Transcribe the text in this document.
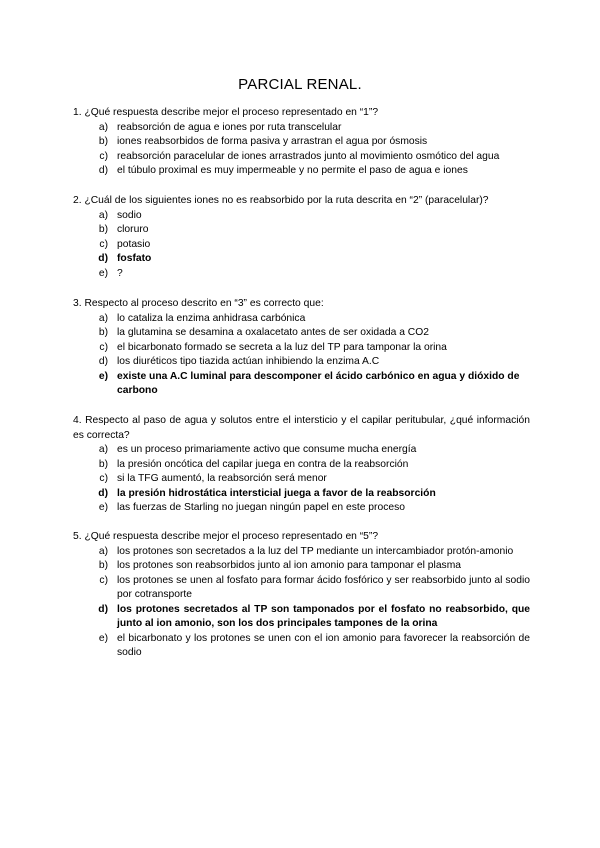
PARCIAL RENAL.

1. ¿Qué respuesta describe mejor el proceso representado en “1”?

a) reabsorción de agua e iones por ruta transcelular
b) iones reabsorbidos de forma pasiva y arrastran el agua por ósmosis
c) reabsorción paracelular de iones arrastrados junto al movimiento osmótico del agua
d) el túbulo proximal es muy impermeable y no permite el paso de agua e iones

2. ¿Cuál de los siguientes iones no es reabsorbido por la ruta descrita en “2” (paracelular)?

a) sodio
b) cloruro
c) potasio
d) fosfato
e) ?

3. Respecto al proceso descrito en “3” es correcto que:

a) lo cataliza la enzima anhidrasa carbónica
b) la glutamina se desamina a oxalacetato antes de ser oxidada a CO2
c) el bicarbonato formado se secreta a la luz del TP para tamponar la orina
d) los diuréticos tipo tiazida actúan inhibiendo la enzima A.C
e) existe una A.C luminal para descomponer el ácido carbónico en agua y dióxido de carbono

4. Respecto al paso de agua y solutos entre el intersticio y el capilar peritubular, ¿qué información es correcta?

a) es un proceso primariamente activo que consume mucha energía
b) la presión oncótica del capilar juega en contra de la reabsorción
c) si la TFG aumentó, la reabsorción será menor
d) la presión hidrostática intersticial juega a favor de la reabsorción
e) las fuerzas de Starling no juegan ningún papel en este proceso

5. ¿Qué respuesta describe mejor el proceso representado en “5”?

a) los protones son secretados a la luz del TP mediante un intercambiador protón-amonio
b) los protones son reabsorbidos junto al ion amonio para tamponar el plasma
c) los protones se unen al fosfato para formar ácido fosfórico y ser reabsorbido junto al sodio por cotransporte
d) los protones secretados al TP son tamponados por el fosfato no reabsorbido, que junto al ion amonio, son los dos principales tampones de la orina
e) el bicarbonato y los protones se unen con el ion amonio para favorecer la reabsorción de sodio
